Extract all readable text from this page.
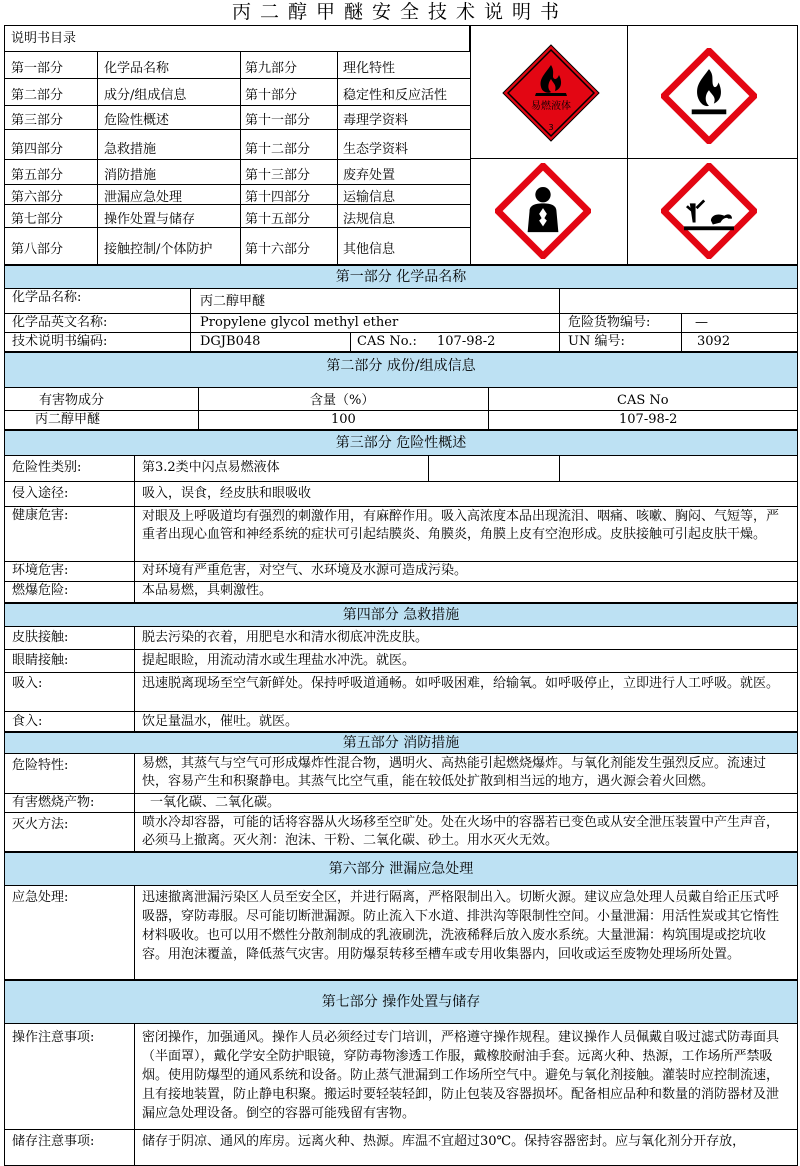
丙二醇甲醚安全技术说明书
说明书目录
第一部分	化学品名称	第九部分	理化特性
第二部分	成分/组成信息	第十部分	稳定性和反应活性
第三部分	危险性概述	第十一部分	毒理学资料
第四部分	急救措施	第十二部分	生态学资料
第五部分	消防措施	第十三部分	废弃处置
第六部分	泄漏应急处理	第十四部分	运输信息
第七部分	操作处置与储存	第十五部分	法规信息
第八部分	接触控制/个体防护	第十六部分	其他信息
易燃液体
3
第一部分 化学品名称
化学品名称:	丙二醇甲醚
化学品英文名称:	Propylene glycol methyl ether	危险货物编号:	—
技术说明书编码:	DGJB048	CAS No.: 107-98-2	UN 编号:	3092
第二部分 成份/组成信息
有害物成分	含量（%）	CAS No
丙二醇甲醚	100	107-98-2
第三部分 危险性概述
危险性类别:	第3.2类中闪点易燃液体
侵入途径:	吸入，误食，经皮肤和眼吸收
健康危害:	对眼及上呼吸道均有强烈的刺激作用，有麻醉作用。吸入高浓度本品出现流泪、咽痛、咳嗽、胸闷、气短等，严重者出现心血管和神经系统的症状可引起结膜炎、角膜炎，角膜上皮有空泡形成。皮肤接触可引起皮肤干燥。
环境危害:	对环境有严重危害，对空气、水环境及水源可造成污染。
燃爆危险:	本品易燃，具刺激性。
第四部分 急救措施
皮肤接触:	脱去污染的衣着，用肥皂水和清水彻底冲洗皮肤。
眼睛接触:	提起眼睑，用流动清水或生理盐水冲洗。就医。
吸入:	迅速脱离现场至空气新鲜处。保持呼吸道通畅。如呼吸困难，给输氧。如呼吸停止，立即进行人工呼吸。就医。
食入:	饮足量温水，催吐。就医。
第五部分 消防措施
危险特性:	易燃，其蒸气与空气可形成爆炸性混合物，遇明火、高热能引起燃烧爆炸。与氧化剂能发生强烈反应。流速过快，容易产生和积聚静电。其蒸气比空气重，能在较低处扩散到相当远的地方，遇火源会着火回燃。
有害燃烧产物:	一氧化碳、二氧化碳。
灭火方法:	喷水冷却容器，可能的话将容器从火场移至空旷处。处在火场中的容器若已变色或从安全泄压装置中产生声音，必须马上撤离。灭火剂：泡沫、干粉、二氧化碳、砂土。用水灭火无效。
第六部分 泄漏应急处理
应急处理:	迅速撤离泄漏污染区人员至安全区，并进行隔离，严格限制出入。切断火源。建议应急处理人员戴自给正压式呼吸器，穿防毒服。尽可能切断泄漏源。防止流入下水道、排洪沟等限制性空间。小量泄漏：用活性炭或其它惰性材料吸收。也可以用不燃性分散剂制成的乳液刷洗，洗液稀释后放入废水系统。大量泄漏：构筑围堤或挖坑收容。用泡沫覆盖，降低蒸气灾害。用防爆泵转移至槽车或专用收集器内，回收或运至废物处理场所处置。
第七部分 操作处置与储存
操作注意事项:	密闭操作，加强通风。操作人员必须经过专门培训，严格遵守操作规程。建议操作人员佩戴自吸过滤式防毒面具（半面罩），戴化学安全防护眼镜，穿防毒物渗透工作服，戴橡胶耐油手套。远离火种、热源，工作场所严禁吸烟。使用防爆型的通风系统和设备。防止蒸气泄漏到工作场所空气中。避免与氧化剂接触。灌装时应控制流速，且有接地装置，防止静电积聚。搬运时要轻装轻卸，防止包装及容器损坏。配备相应品种和数量的消防器材及泄漏应急处理设备。倒空的容器可能残留有害物。
储存注意事项:	储存于阴凉、通风的库房。远离火种、热源。库温不宜超过30℃。保持容器密封。应与氧化剂分开存放，
